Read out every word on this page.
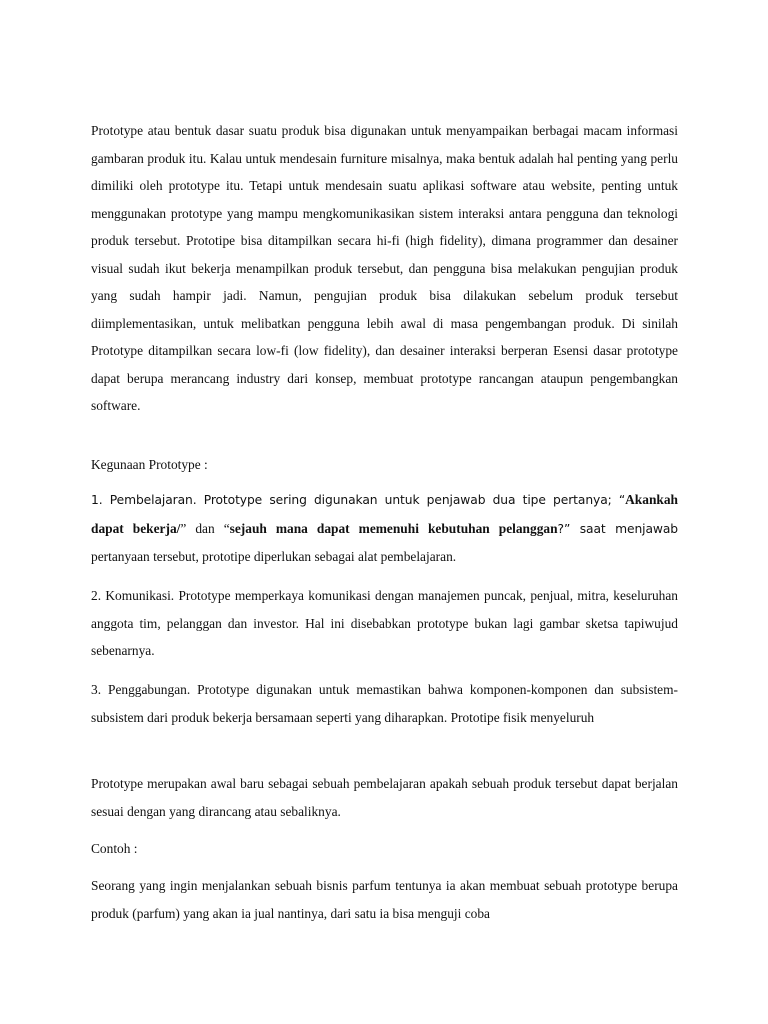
Prototype atau bentuk dasar suatu produk bisa digunakan untuk menyampaikan berbagai macam informasi gambaran produk itu. Kalau untuk mendesain furniture misalnya, maka bentuk adalah hal penting yang perlu dimiliki oleh prototype itu. Tetapi untuk mendesain suatu aplikasi software atau website, penting untuk menggunakan prototype yang mampu mengkomunikasikan sistem interaksi antara pengguna dan teknologi produk tersebut. Prototipe bisa ditampilkan secara hi-fi (high fidelity), dimana programmer dan desainer visual sudah ikut bekerja menampilkan produk tersebut, dan pengguna bisa melakukan pengujian produk yang sudah hampir jadi. Namun, pengujian produk bisa dilakukan sebelum produk tersebut diimplementasikan, untuk melibatkan pengguna lebih awal di masa pengembangan produk. Di sinilah Prototype ditampilkan secara low-fi (low fidelity), dan desainer interaksi berperan Esensi dasar prototype dapat berupa merancang industry dari konsep, membuat prototype rancangan ataupun pengembangkan software.

Kegunaan Prototype :

1. Pembelajaran. Prototype sering digunakan untuk penjawab dua tipe pertanya; “Akankah dapat bekerja/” dan “sejauh mana dapat memenuhi kebutuhan pelanggan?” saat menjawab pertanyaan tersebut, prototipe diperlukan sebagai alat pembelajaran.

2. Komunikasi. Prototype memperkaya komunikasi dengan manajemen puncak, penjual, mitra, keseluruhan anggota tim, pelanggan dan investor. Hal ini disebabkan prototype bukan lagi gambar sketsa tapiwujud sebenarnya.

3. Penggabungan. Prototype digunakan untuk memastikan bahwa komponen-komponen dan subsistem-subsistem dari produk bekerja bersamaan seperti yang diharapkan. Prototipe fisik menyeluruh

Prototype merupakan awal baru sebagai sebuah pembelajaran apakah sebuah produk tersebut dapat berjalan sesuai dengan yang dirancang atau sebaliknya.

Contoh :

Seorang yang ingin menjalankan sebuah bisnis parfum tentunya ia akan membuat sebuah prototype berupa produk (parfum) yang akan ia jual nantinya, dari satu ia bisa menguji coba
